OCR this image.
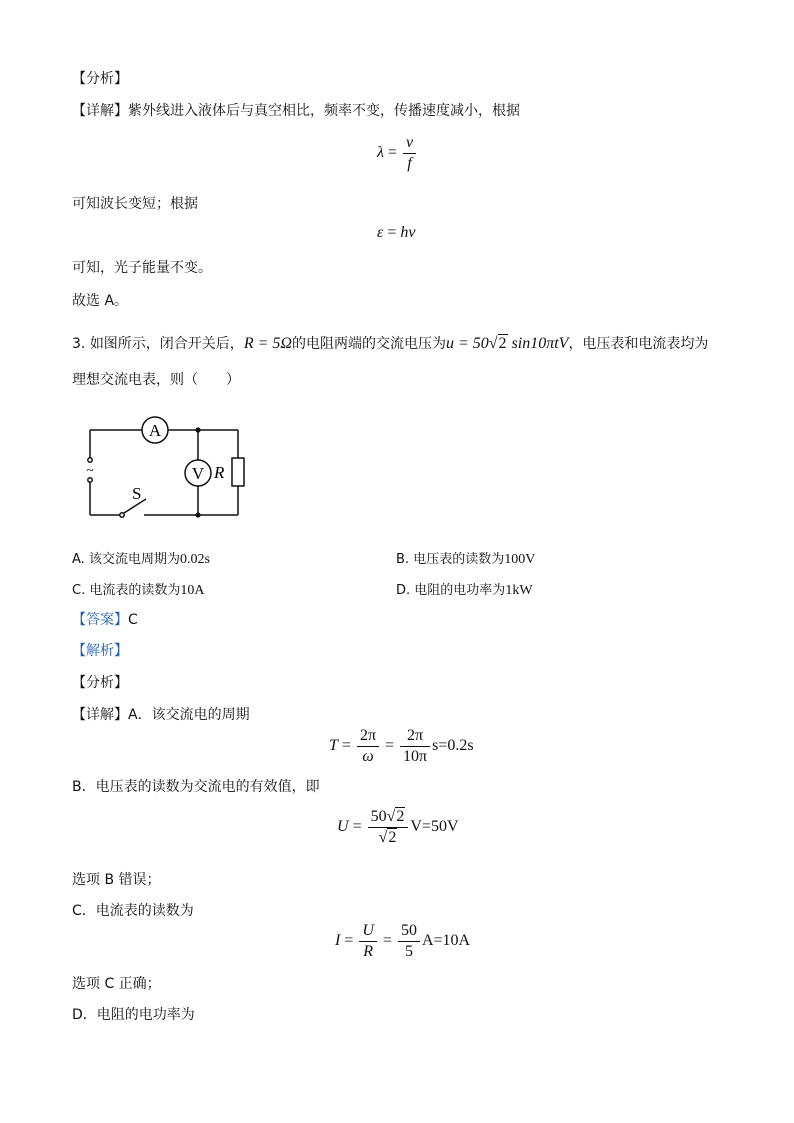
【分析】
【详解】紫外线进入液体后与真空相比，频率不变，传播速度减小，根据
$\lambda = \frac{v}{f}$
可知波长变短；根据
ε = hν
可知，光子能量不变。
故选 A。
3. 如图所示，闭合开关后，R = 5Ω的电阻两端的交流电压为u = 50√2 sin10πtV，电压表和电流表均为
理想交流电表，则（　　）
A
V R
S
~
A. 该交流电周期为0.02s	B. 电压表的读数为100V
C. 电流表的读数为10A	D. 电阻的电功率为1kW
【答案】C
【解析】
【分析】
【详解】A．该交流电的周期
$T = \frac{2\pi}{\omega} = \frac{2\pi}{10\pi} s=0.2s$
B．电压表的读数为交流电的有效值，即
$U = \frac{50√2}{√2} V=50V$
选项 B 错误；
C．电流表的读数为
$I = \frac{U}{R} = \frac{50}{5} A=10A$
选项 C 正确；
D．电阻的电功率为
